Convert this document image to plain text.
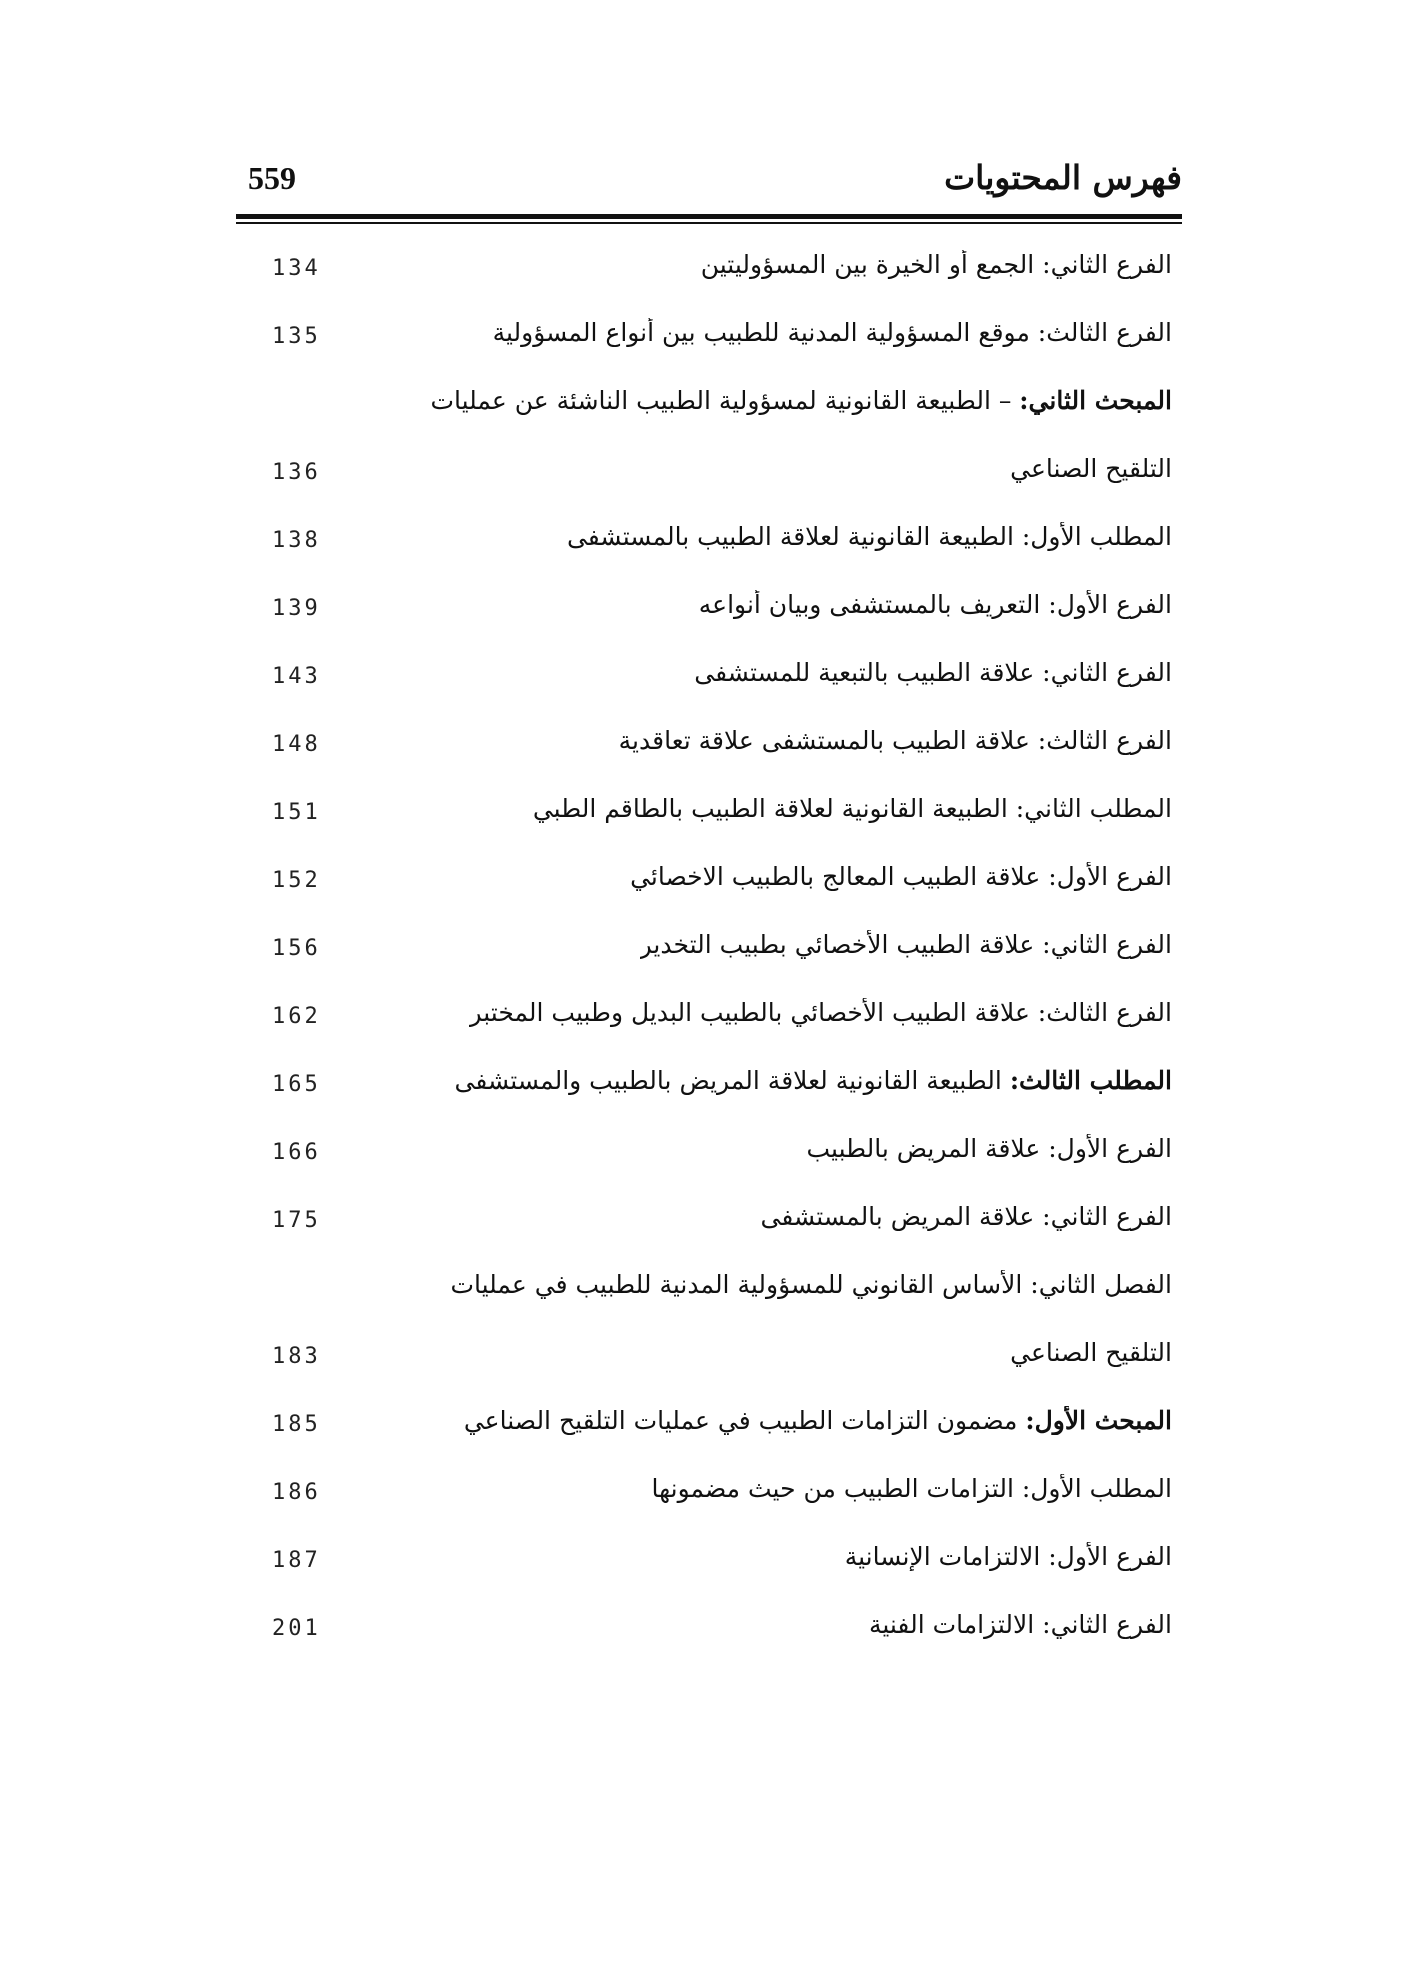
فهرس المحتويات
559
الفرع الثاني: الجمع أو الخيرة بين المسؤوليتين
134
الفرع الثالث: موقع المسؤولية المدنية للطبيب بين أنواع المسؤولية
135
المبحث الثاني: – الطبيعة القانونية لمسؤولية الطبيب الناشئة عن عمليات
التلقيح الصناعي
136
المطلب الأول: الطبيعة القانونية لعلاقة الطبيب بالمستشفى
138
الفرع الأول: التعريف بالمستشفى وبيان أنواعه
139
الفرع الثاني: علاقة الطبيب بالتبعية للمستشفى
143
الفرع الثالث: علاقة الطبيب بالمستشفى علاقة تعاقدية
148
المطلب الثاني: الطبيعة القانونية لعلاقة الطبيب بالطاقم الطبي
151
الفرع الأول: علاقة الطبيب المعالج بالطبيب الاخصائي
152
الفرع الثاني: علاقة الطبيب الأخصائي بطبيب التخدير
156
الفرع الثالث: علاقة الطبيب الأخصائي بالطبيب البديل وطبيب المختبر
162
المطلب الثالث: الطبيعة القانونية لعلاقة المريض بالطبيب والمستشفى
165
الفرع الأول: علاقة المريض بالطبيب
166
الفرع الثاني: علاقة المريض بالمستشفى
175
الفصل الثاني: الأساس القانوني للمسؤولية المدنية للطبيب في عمليات
التلقيح الصناعي
183
المبحث الأول: مضمون التزامات الطبيب في عمليات التلقيح الصناعي
185
المطلب الأول: التزامات الطبيب من حيث مضمونها
186
الفرع الأول: الالتزامات الإنسانية
187
الفرع الثاني: الالتزامات الفنية
201
